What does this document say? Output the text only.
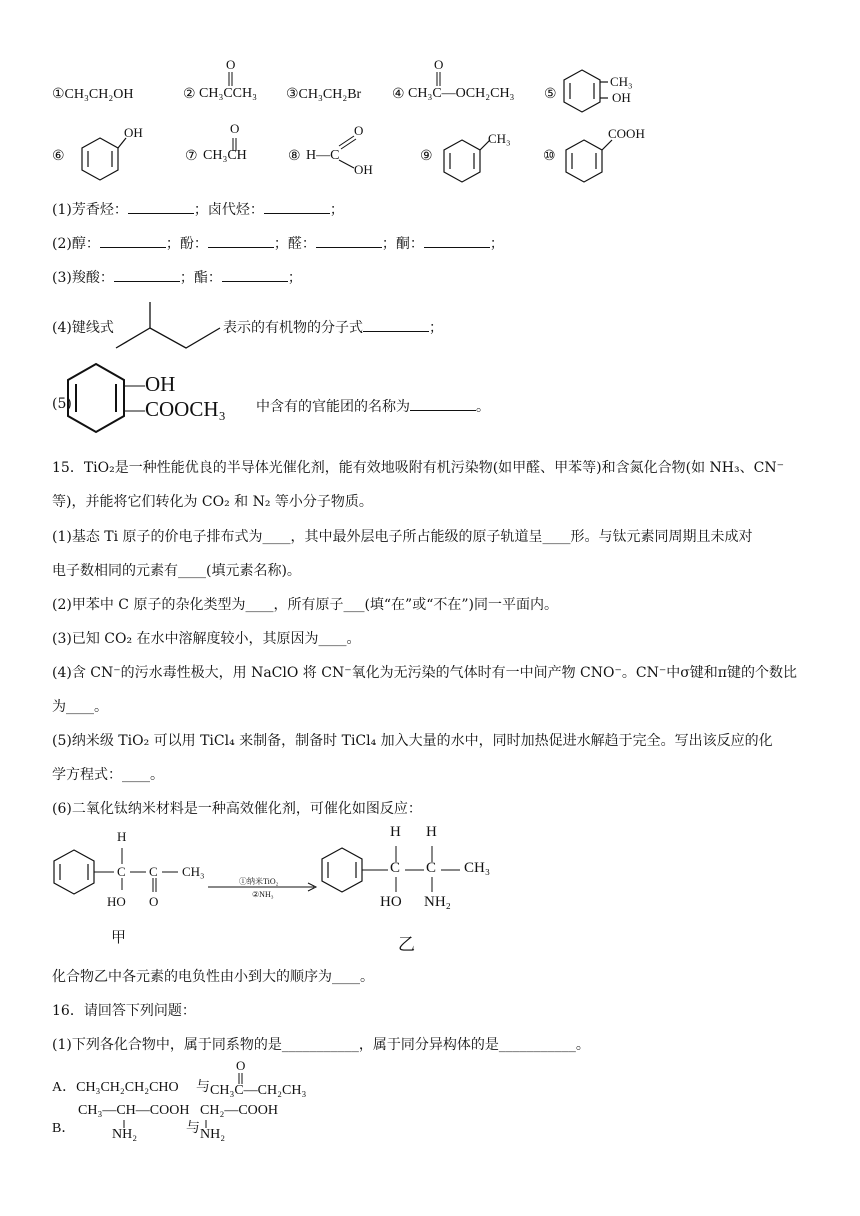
①CH₃CH₂OH	② CH₃CCH₃
O
③CH₃CH₂Br ④ CH₃C—OCH₂CH₃
O
⑤
CH₃
OH
⑥
OH
⑦ CH₃CH
O
⑧ H—C
O
OH
⑨
CH₃
⑩
COOH
(1)芳香烃：	；卤代烃：	；
(2)醇：	；酚：	；醛：	；酮：	；
(3)羧酸：	；酯：	；
(4)键线式	表示的有机物的分子式	；
(5)
—OH
—COOCH₃ 中含有的官能团的名称为	。
15．TiO₂是一种性能优良的半导体光催化剂，能有效地吸附有机污染物(如甲醛、甲苯等)和含氮化合物(如 NH₃、CN⁻
等)，并能将它们转化为 CO₂ 和 N₂ 等小分子物质。
(1)基态 Ti 原子的价电子排布式为____，其中最外层电子所占能级的原子轨道呈____形。与钛元素同周期且未成对
电子数相同的元素有____(填元素名称)。
(2)甲苯中 C 原子的杂化类型为____，所有原子___(填“在”或“不在”)同一平面内。
(3)已知 CO₂ 在水中溶解度较小，其原因为____。
(4)含 CN⁻的污水毒性极大，用 NaClO 将 CN⁻氧化为无污染的气体时有一中间产物 CNO⁻。CN⁻中σ键和π键的个数比
为____。
(5)纳米级 TiO₂ 可以用 TiCl₄ 来制备，制备时 TiCl₄ 加入大量的水中，同时加热促进水解趋于完全。写出该反应的化
学方程式：____。
(6)二氧化钛纳米材料是一种高效催化剂，可催化如图反应：
H
C C CH₃
HO O
甲
①纳米TiO₂
②NH₃
H H
C C CH₃
HO NH₂
乙
化合物乙中各元素的电负性由小到大的顺序为____。
16．请回答下列问题：
(1)下列各化合物中，属于同系物的是___________，属于同分异构体的是___________。
A．CH₃CH₂CH₂CHO 与
O
CH₃C—CH₂CH₃
B．
CH₃—CH—COOH
NH₂	与
CH₂—COOH
NH₂
